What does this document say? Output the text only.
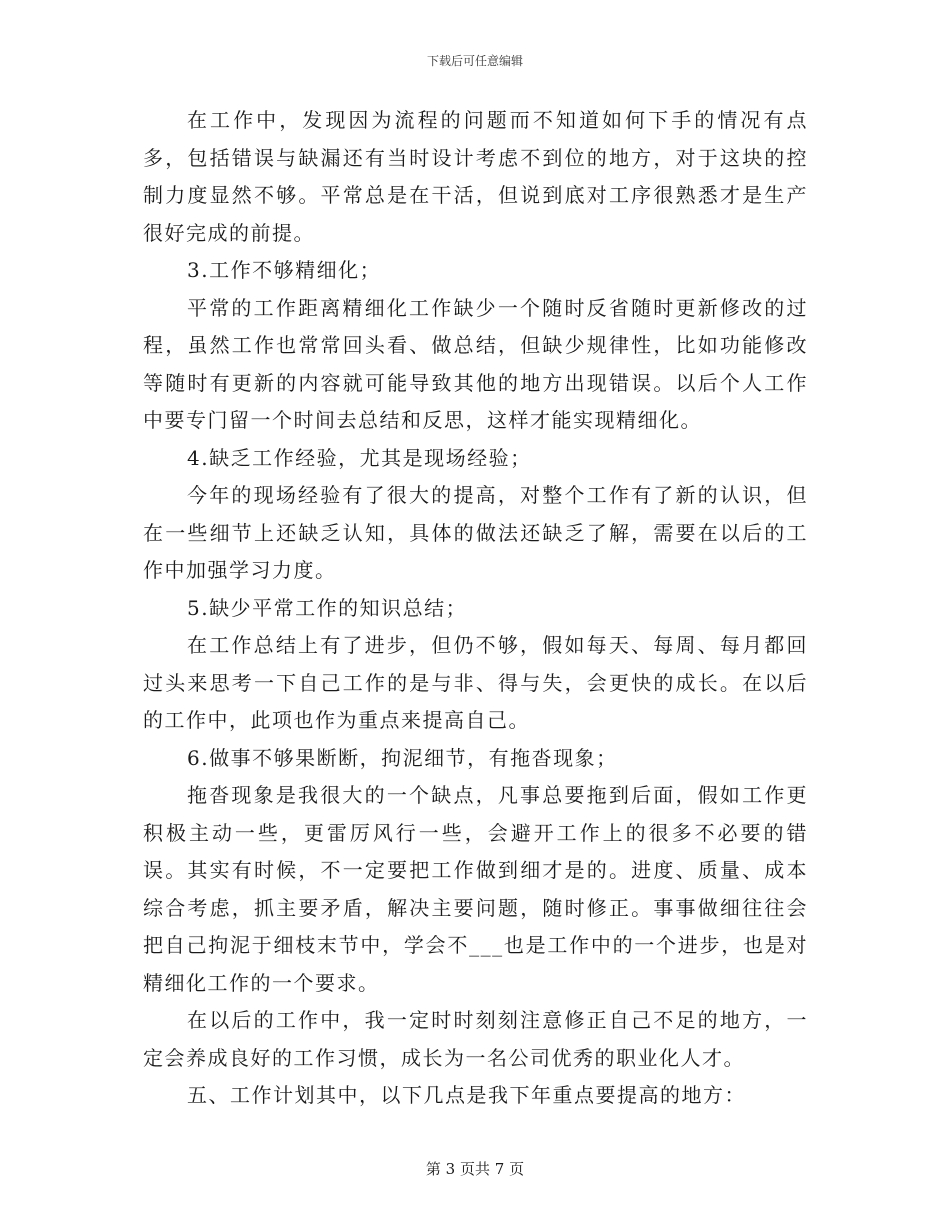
下载后可任意编辑

在工作中，发现因为流程的问题而不知道如何下手的情况有点多，包括错误与缺漏还有当时设计考虑不到位的地方，对于这块的控制力度显然不够。平常总是在干活，但说到底对工序很熟悉才是生产很好完成的前提。

3.工作不够精细化；

平常的工作距离精细化工作缺少一个随时反省随时更新修改的过程，虽然工作也常常回头看、做总结，但缺少规律性，比如功能修改等随时有更新的内容就可能导致其他的地方出现错误。以后个人工作中要专门留一个时间去总结和反思，这样才能实现精细化。

4.缺乏工作经验，尤其是现场经验；

今年的现场经验有了很大的提高，对整个工作有了新的认识，但在一些细节上还缺乏认知，具体的做法还缺乏了解，需要在以后的工作中加强学习力度。

5.缺少平常工作的知识总结；

在工作总结上有了进步，但仍不够，假如每天、每周、每月都回过头来思考一下自己工作的是与非、得与失，会更快的成长。在以后的工作中，此项也作为重点来提高自己。

6.做事不够果断断，拘泥细节，有拖沓现象；

拖沓现象是我很大的一个缺点，凡事总要拖到后面，假如工作更积极主动一些，更雷厉风行一些，会避开工作上的很多不必要的错误。其实有时候，不一定要把工作做到细才是的。进度、质量、成本综合考虑，抓主要矛盾，解决主要问题，随时修正。事事做细往往会把自己拘泥于细枝末节中，学会不___也是工作中的一个进步，也是对精细化工作的一个要求。

在以后的工作中，我一定时时刻刻注意修正自己不足的地方，一定会养成良好的工作习惯，成长为一名公司优秀的职业化人才。

五、工作计划其中，以下几点是我下年重点要提高的地方：

第 3 页共 7 页
